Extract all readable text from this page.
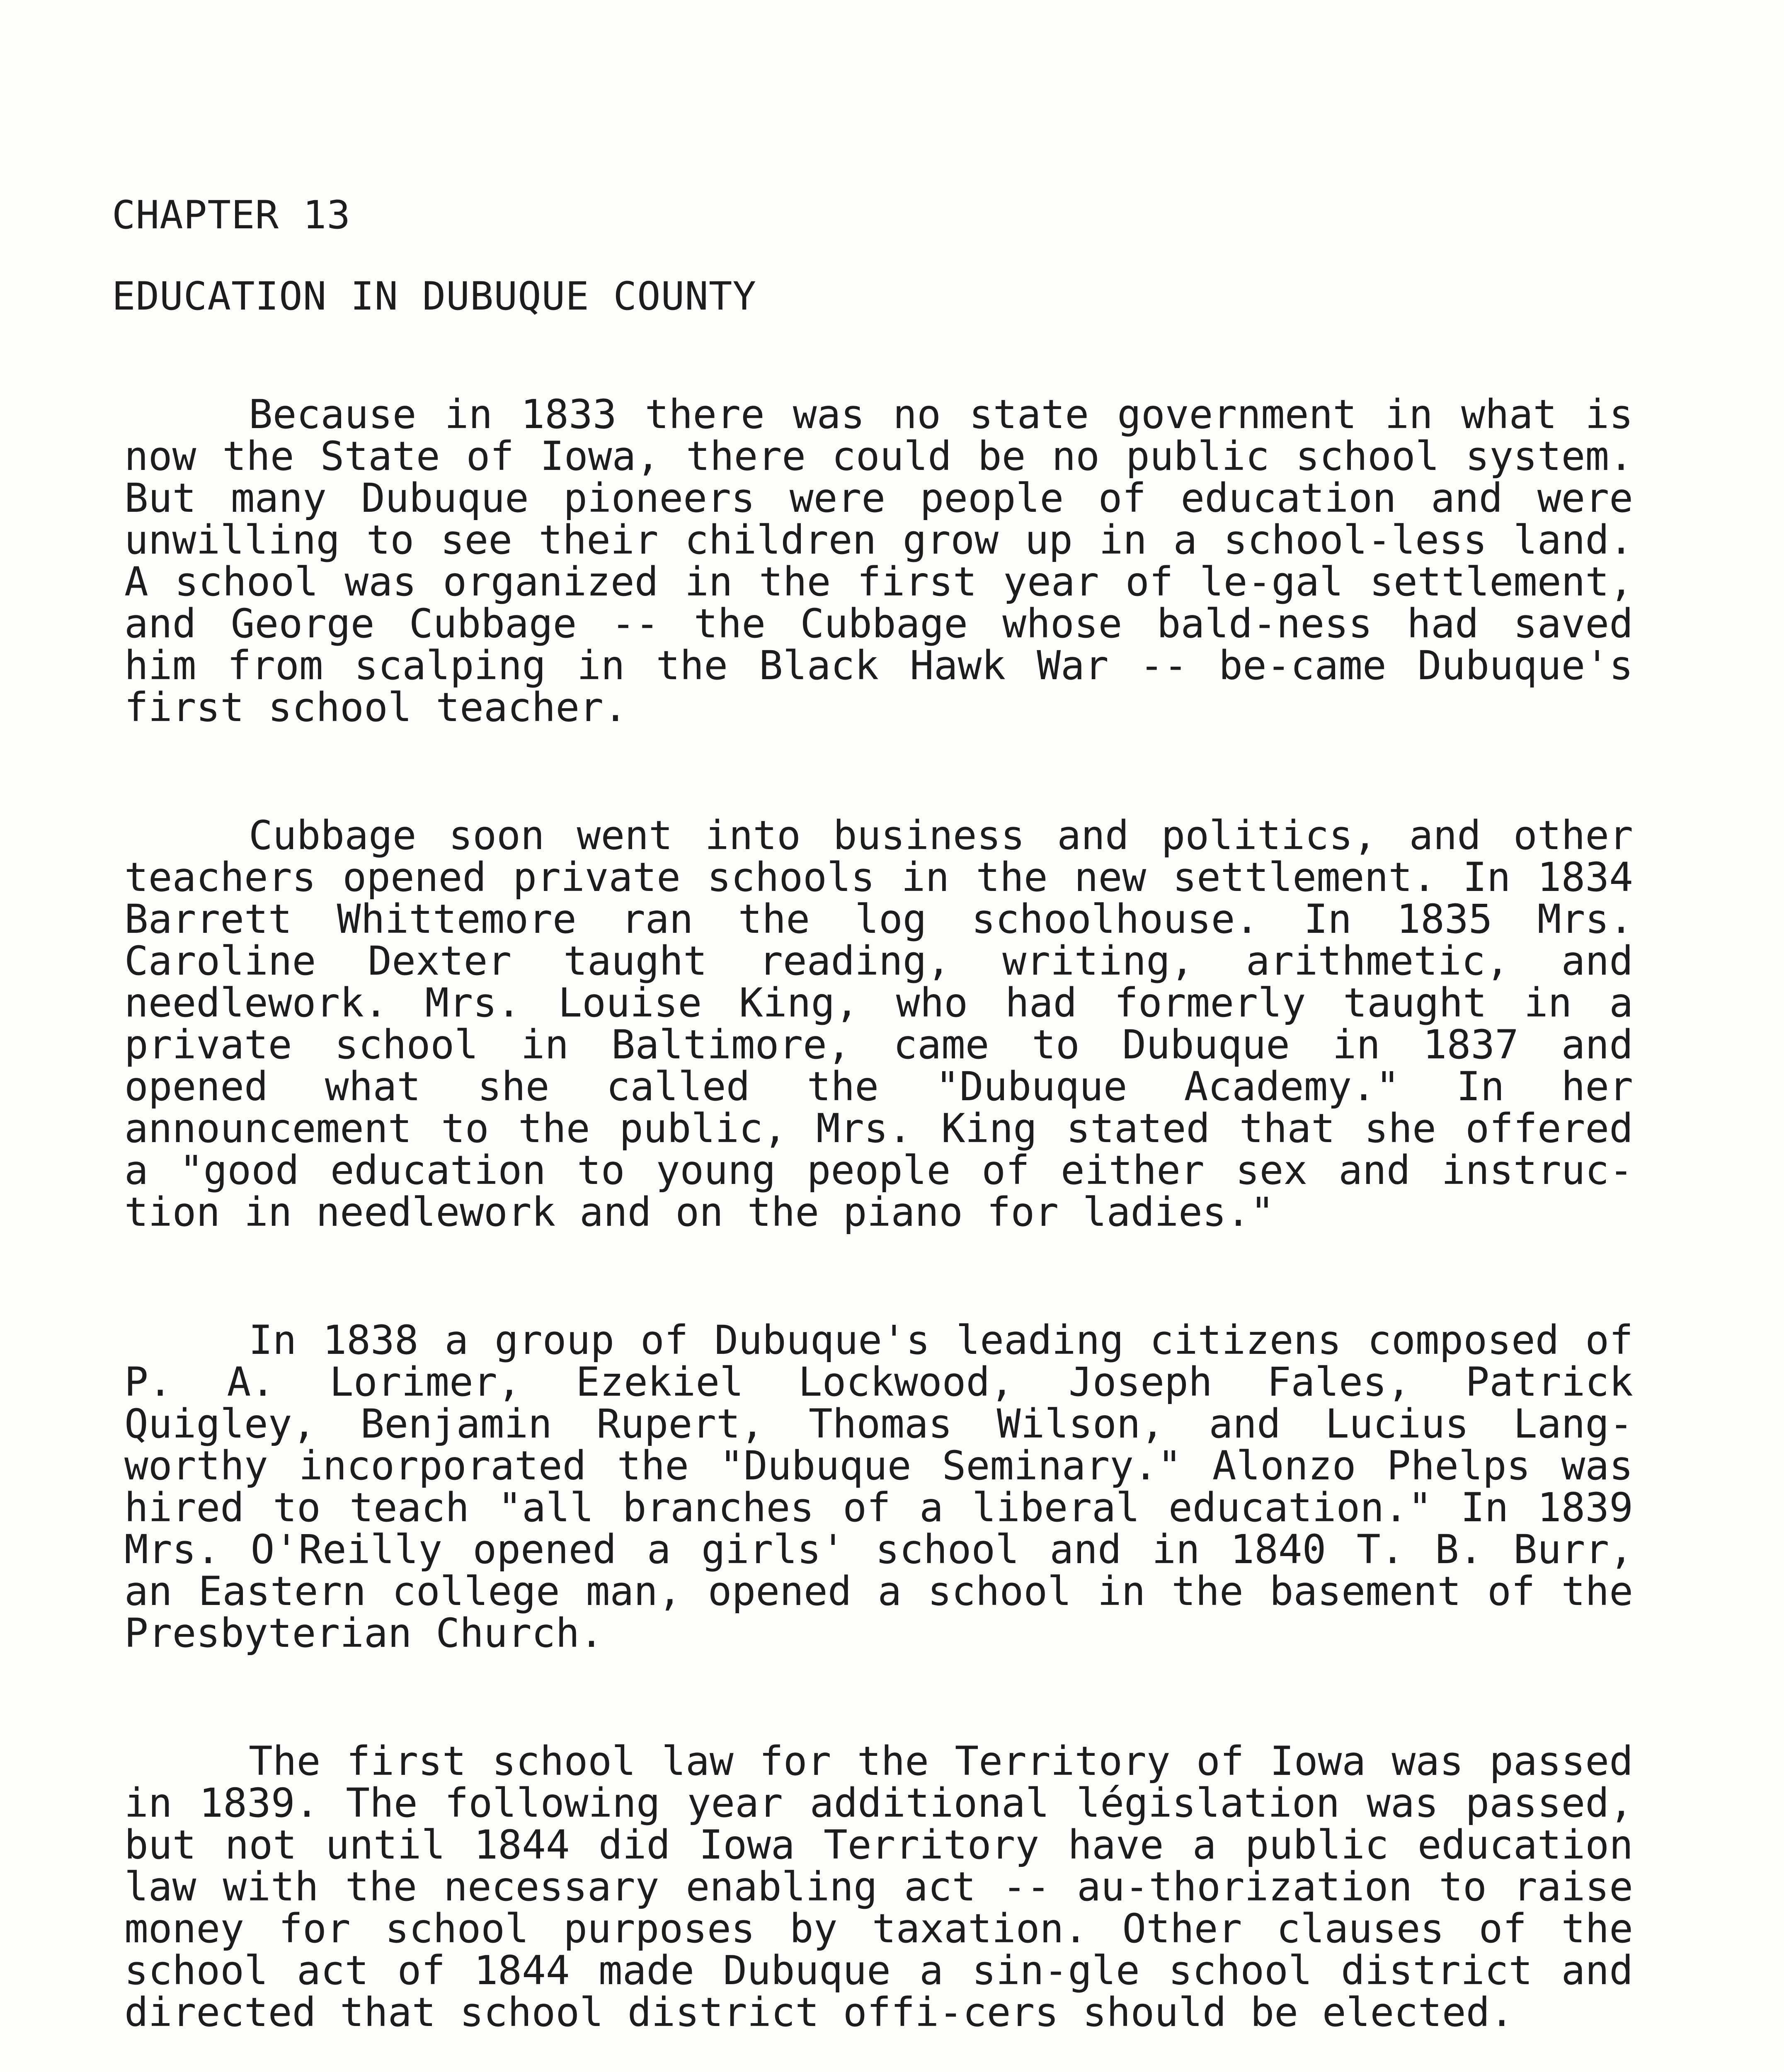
CHAPTER 13
EDUCATION IN DUBUQUE COUNTY

Because in 1833 there was no state government in what is now the State of Iowa, there could be no public school system. But many Dubuque pioneers were people of education and were unwilling to see their children grow up in a school-less land. A school was organized in the first year of le-gal settlement, and George Cubbage -- the Cubbage whose bald-ness had saved him from scalping in the Black Hawk War -- be-came Dubuque's first school teacher.

Cubbage soon went into business and politics, and other teachers opened private schools in the new settlement. In 1834 Barrett Whittemore ran the log schoolhouse. In 1835 Mrs. Caroline Dexter taught reading, writing, arithmetic, and needlework. Mrs. Louise King, who had formerly taught in a private school in Baltimore, came to Dubuque in 1837 and opened what she called the "Dubuque Academy." In her announcement to the public, Mrs. King stated that she offered a "good education to young people of either sex and instruc-tion in needlework and on the piano for ladies."

In 1838 a group of Dubuque's leading citizens composed of P. A. Lorimer, Ezekiel Lockwood, Joseph Fales, Patrick Quigley, Benjamin Rupert, Thomas Wilson, and Lucius Lang-worthy incorporated the "Dubuque Seminary." Alonzo Phelps was hired to teach "all branches of a liberal education." In 1839 Mrs. O'Reilly opened a girls' school and in 1840 T. B. Burr, an Eastern college man, opened a school in the basement of the Presbyterian Church.

The first school law for the Territory of Iowa was passed in 1839. The following year additional législation was passed, but not until 1844 did Iowa Territory have a public education law with the necessary enabling act -- au-thorization to raise money for school purposes by taxation. Other clauses of the school act of 1844 made Dubuque a sin-gle school district and directed that school district offi-cers should be elected.
